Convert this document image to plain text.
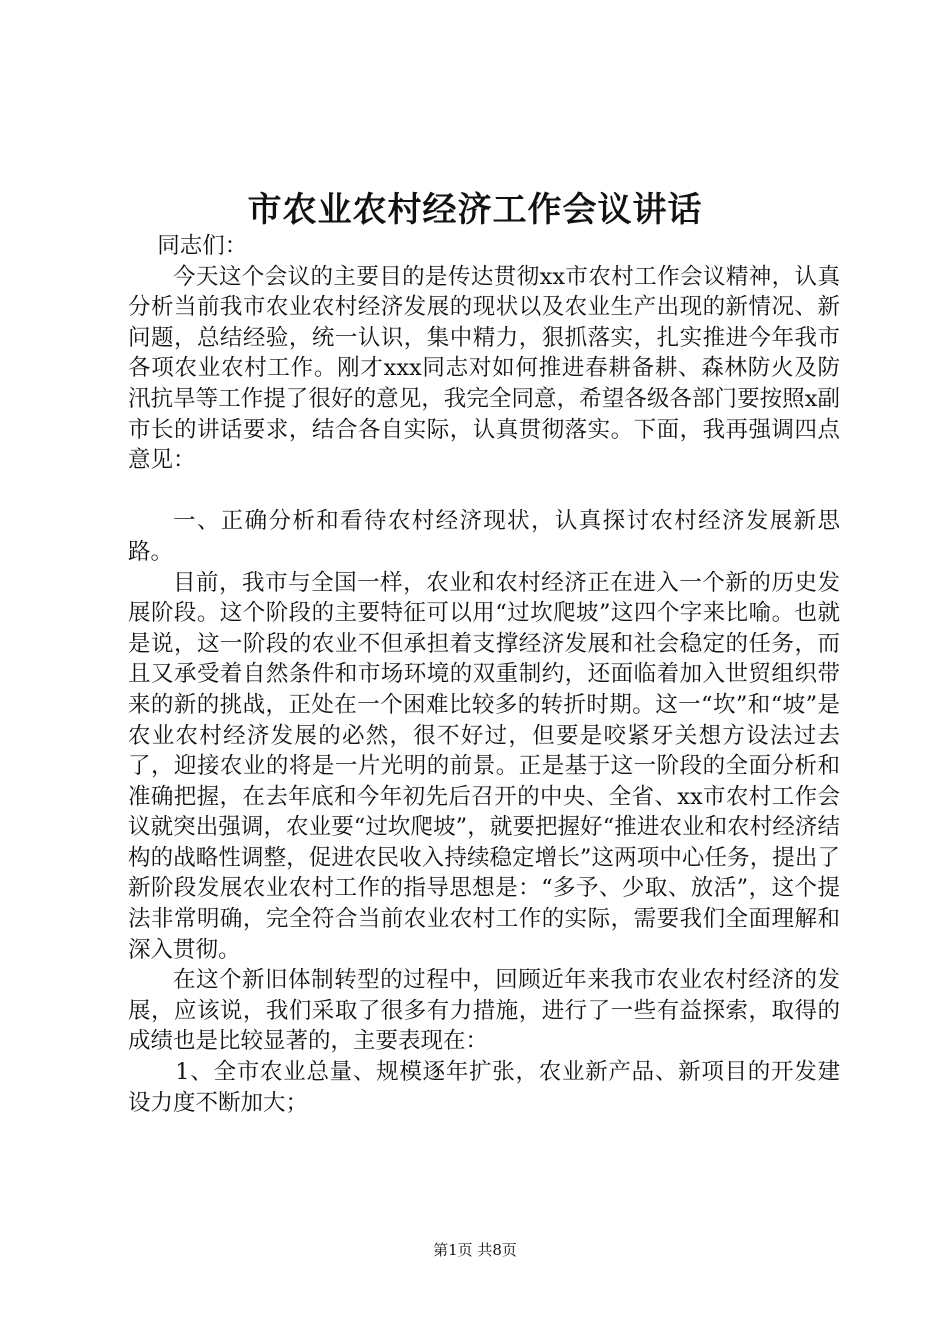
市农业农村经济工作会议讲话

同志们：

今天这个会议的主要目的是传达贯彻xx市农村工作会议精神，认真分析当前我市农业农村经济发展的现状以及农业生产出现的新情况、新问题，总结经验，统一认识，集中精力，狠抓落实，扎实推进今年我市各项农业农村工作。刚才xxx同志对如何推进春耕备耕、森林防火及防汛抗旱等工作提了很好的意见，我完全同意，希望各级各部门要按照x副市长的讲话要求，结合各自实际，认真贯彻落实。下面，我再强调四点意见：

一、正确分析和看待农村经济现状，认真探讨农村经济发展新思路。

目前，我市与全国一样，农业和农村经济正在进入一个新的历史发展阶段。这个阶段的主要特征可以用“过坎爬坡”这四个字来比喻。也就是说，这一阶段的农业不但承担着支撑经济发展和社会稳定的任务，而且又承受着自然条件和市场环境的双重制约，还面临着加入世贸组织带来的新的挑战，正处在一个困难比较多的转折时期。这一“坎”和“坡”是农业农村经济发展的必然，很不好过，但要是咬紧牙关想方设法过去了，迎接农业的将是一片光明的前景。正是基于这一阶段的全面分析和准确把握，在去年底和今年初先后召开的中央、全省、xx市农村工作会议就突出强调，农业要“过坎爬坡”，就要把握好“推进农业和农村经济结构的战略性调整，促进农民收入持续稳定增长”这两项中心任务，提出了新阶段发展农业农村工作的指导思想是：“多予、少取、放活”，这个提法非常明确，完全符合当前农业农村工作的实际，需要我们全面理解和深入贯彻。

在这个新旧体制转型的过程中，回顾近年来我市农业农村经济的发展，应该说，我们采取了很多有力措施，进行了一些有益探索，取得的成绩也是比较显著的，主要表现在：

1、全市农业总量、规模逐年扩张，农业新产品、新项目的开发建设力度不断加大；

第1页 共8页
